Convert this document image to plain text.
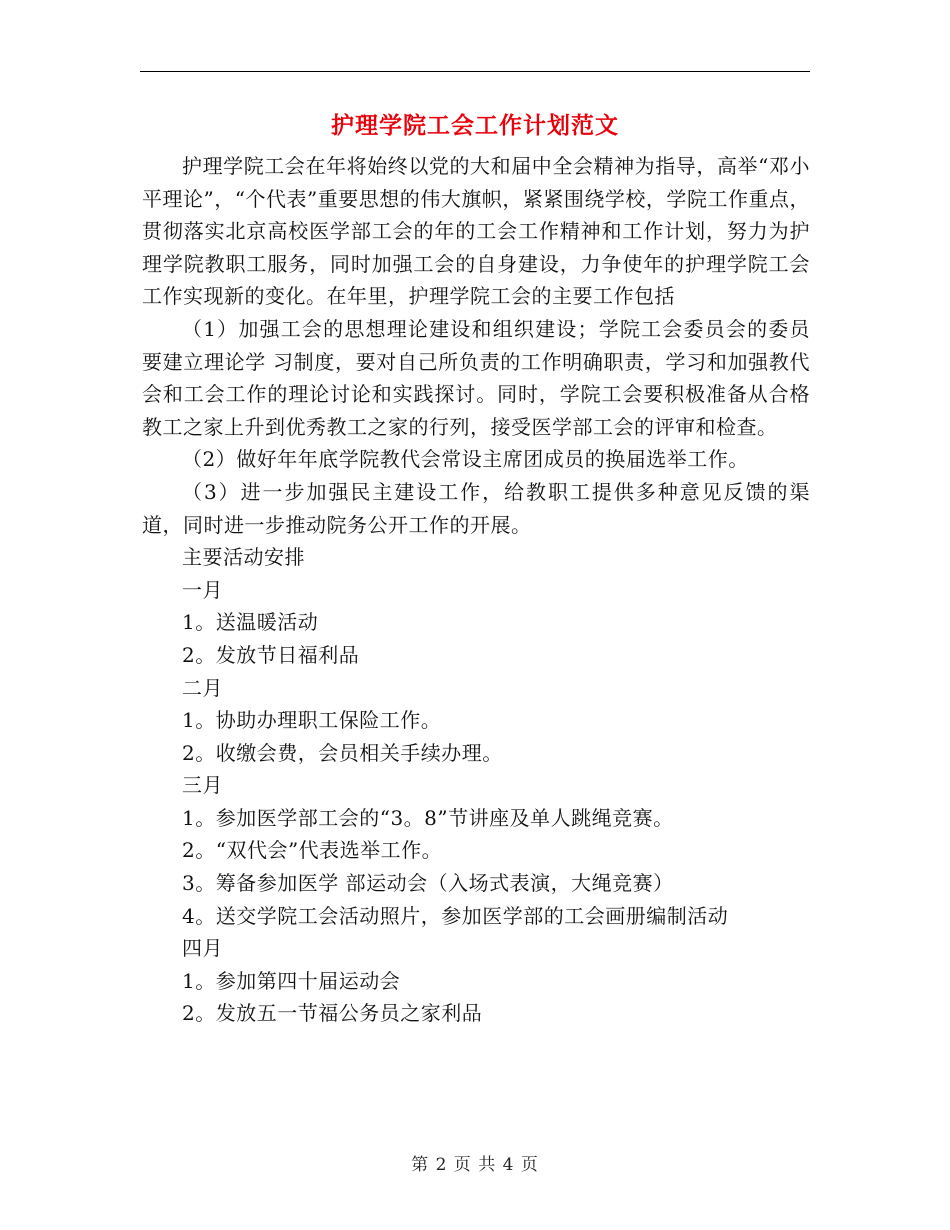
护理学院工会工作计划范文

护理学院工会在年将始终以党的大和届中全会精神为指导，高举“邓小平理论”，“个代表”重要思想的伟大旗帜，紧紧围绕学校，学院工作重点，贯彻落实北京高校医学部工会的年的工会工作精神和工作计划，努力为护理学院教职工服务，同时加强工会的自身建设，力争使年的护理学院工会工作实现新的变化。在年里，护理学院工会的主要工作包括

（1）加强工会的思想理论建设和组织建设；学院工会委员会的委员要建立理论学 习制度，要对自己所负责的工作明确职责，学习和加强教代会和工会工作的理论讨论和实践探讨。同时，学院工会要积极准备从合格教工之家上升到优秀教工之家的行列，接受医学部工会的评审和检查。

（2）做好年年底学院教代会常设主席团成员的换届选举工作。

（3）进一步加强民主建设工作，给教职工提供多种意见反馈的渠道，同时进一步推动院务公开工作的开展。

主要活动安排

一月

1。送温暖活动

2。发放节日福利品

二月

1。协助办理职工保险工作。

2。收缴会费，会员相关手续办理。

三月

1。参加医学部工会的“3。8”节讲座及单人跳绳竞赛。

2。“双代会”代表选举工作。

3。筹备参加医学 部运动会（入场式表演，大绳竞赛）

4。送交学院工会活动照片，参加医学部的工会画册编制活动

四月

1。参加第四十届运动会

2。发放五一节福公务员之家利品

第 2 页 共 4 页
